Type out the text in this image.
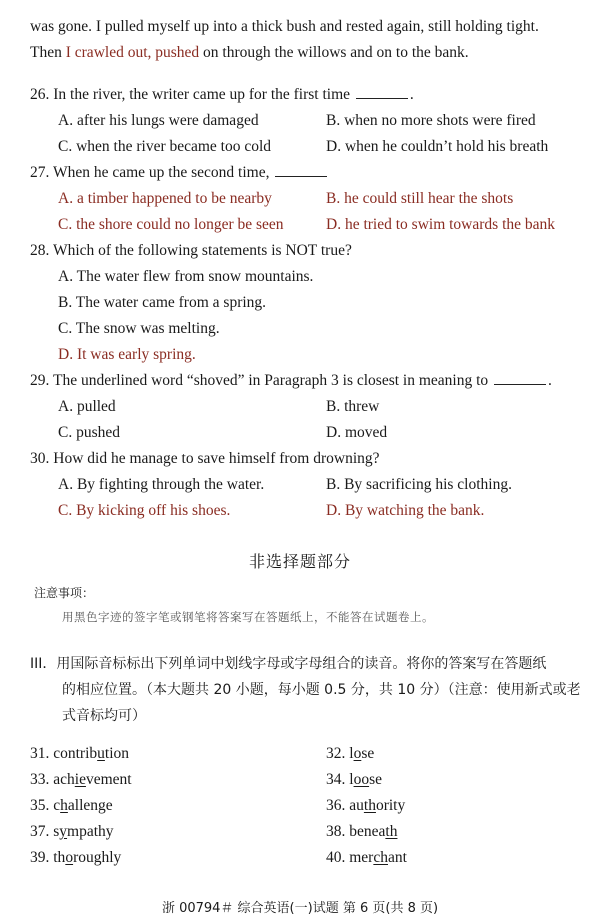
was gone. I pulled myself up into a thick bush and rested again, still holding tight.
Then I crawled out, pushed on through the willows and on to the bank.
26. In the river, the writer came up for the first time	.
A. after his lungs were damaged	B. when no more shots were fired
C. when the river became too cold	D. when he couldn’t hold his breath
27. When he came up the second time,
A. a timber happened to be nearby	B. he could still hear the shots
C. the shore could no longer be seen	D. he tried to swim towards the bank
28. Which of the following statements is NOT true?
A. The water flew from snow mountains.
B. The water came from a spring.
C. The snow was melting.
D. It was early spring.
29. The underlined word “shoved” in Paragraph 3 is closest in meaning to	.
A. pulled	B. threw
C. pushed	D. moved
30. How did he manage to save himself from drowning?
A. By fighting through the water.	B. By sacrificing his clothing.
C. By kicking off his shoes.	D. By watching the bank.
非选择题部分
注意事项：
用黑色字迹的签字笔或钢笔将答案写在答题纸上，不能答在试题卷上。
III．用国际音标标出下列单词中划线字母或字母组合的读音。将你的答案写在答题纸
的相应位置。（本大题共 20 小题，每小题 0.5 分，共 10 分）（注意：使用新式或老
式音标均可）
31. contribution	32. lose
33. achievement	34. loose
35. challenge	36. authority
37. sympathy	38. beneath
39. thoroughly	40. merchant
浙 00794＃ 综合英语(一)试题 第 6 页(共 8 页)
